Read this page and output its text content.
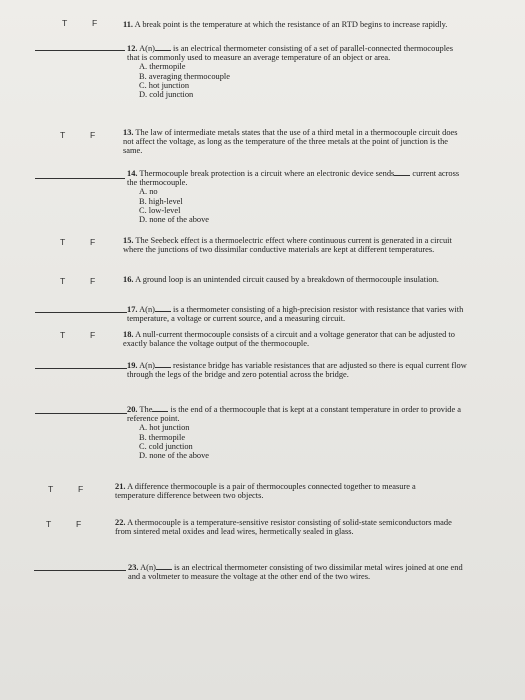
T	F	11. A break point is the temperature at which the resistance of an RTD begins to increase rapidly.
12. A(n) is an electrical thermometer consisting of a set of parallel-connected thermocouples that is commonly used to measure an average temperature of an object or area.
A. thermopile
B. averaging thermocouple
C. hot junction
D. cold junction
T	F	13. The law of intermediate metals states that the use of a third metal in a thermocouple circuit does not affect the voltage, as long as the temperature of the three metals at the point of junction is the same.
14. Thermocouple break protection is a circuit where an electronic device sends current across the thermocouple.
A. no
B. high-level
C. low-level
D. none of the above
T	F	15. The Seebeck effect is a thermoelectric effect where continuous current is generated in a circuit where the junctions of two dissimilar conductive materials are kept at different temperatures.
T	F	16. A ground loop is an unintended circuit caused by a breakdown of thermocouple insulation.
17. A(n) is a thermometer consisting of a high-precision resistor with resistance that varies with temperature, a voltage or current source, and a measuring circuit.
T	F	18. A null-current thermocouple consists of a circuit and a voltage generator that can be adjusted to exactly balance the voltage output of the thermocouple.
19. A(n) resistance bridge has variable resistances that are adjusted so there is equal current flow through the legs of the bridge and zero potential across the bridge.
20. The is the end of a thermocouple that is kept at a constant temperature in order to provide a reference point.
A. hot junction
B. thermopile
C. cold junction
D. none of the above
T	F	21. A difference thermocouple is a pair of thermocouples connected together to measure a temperature difference between two objects.
T	F	22. A thermocouple is a temperature-sensitive resistor consisting of solid-state semiconductors made from sintered metal oxides and lead wires, hermetically sealed in glass.
23. A(n) is an electrical thermometer consisting of two dissimilar metal wires joined at one end and a voltmeter to measure the voltage at the other end of the two wires.
